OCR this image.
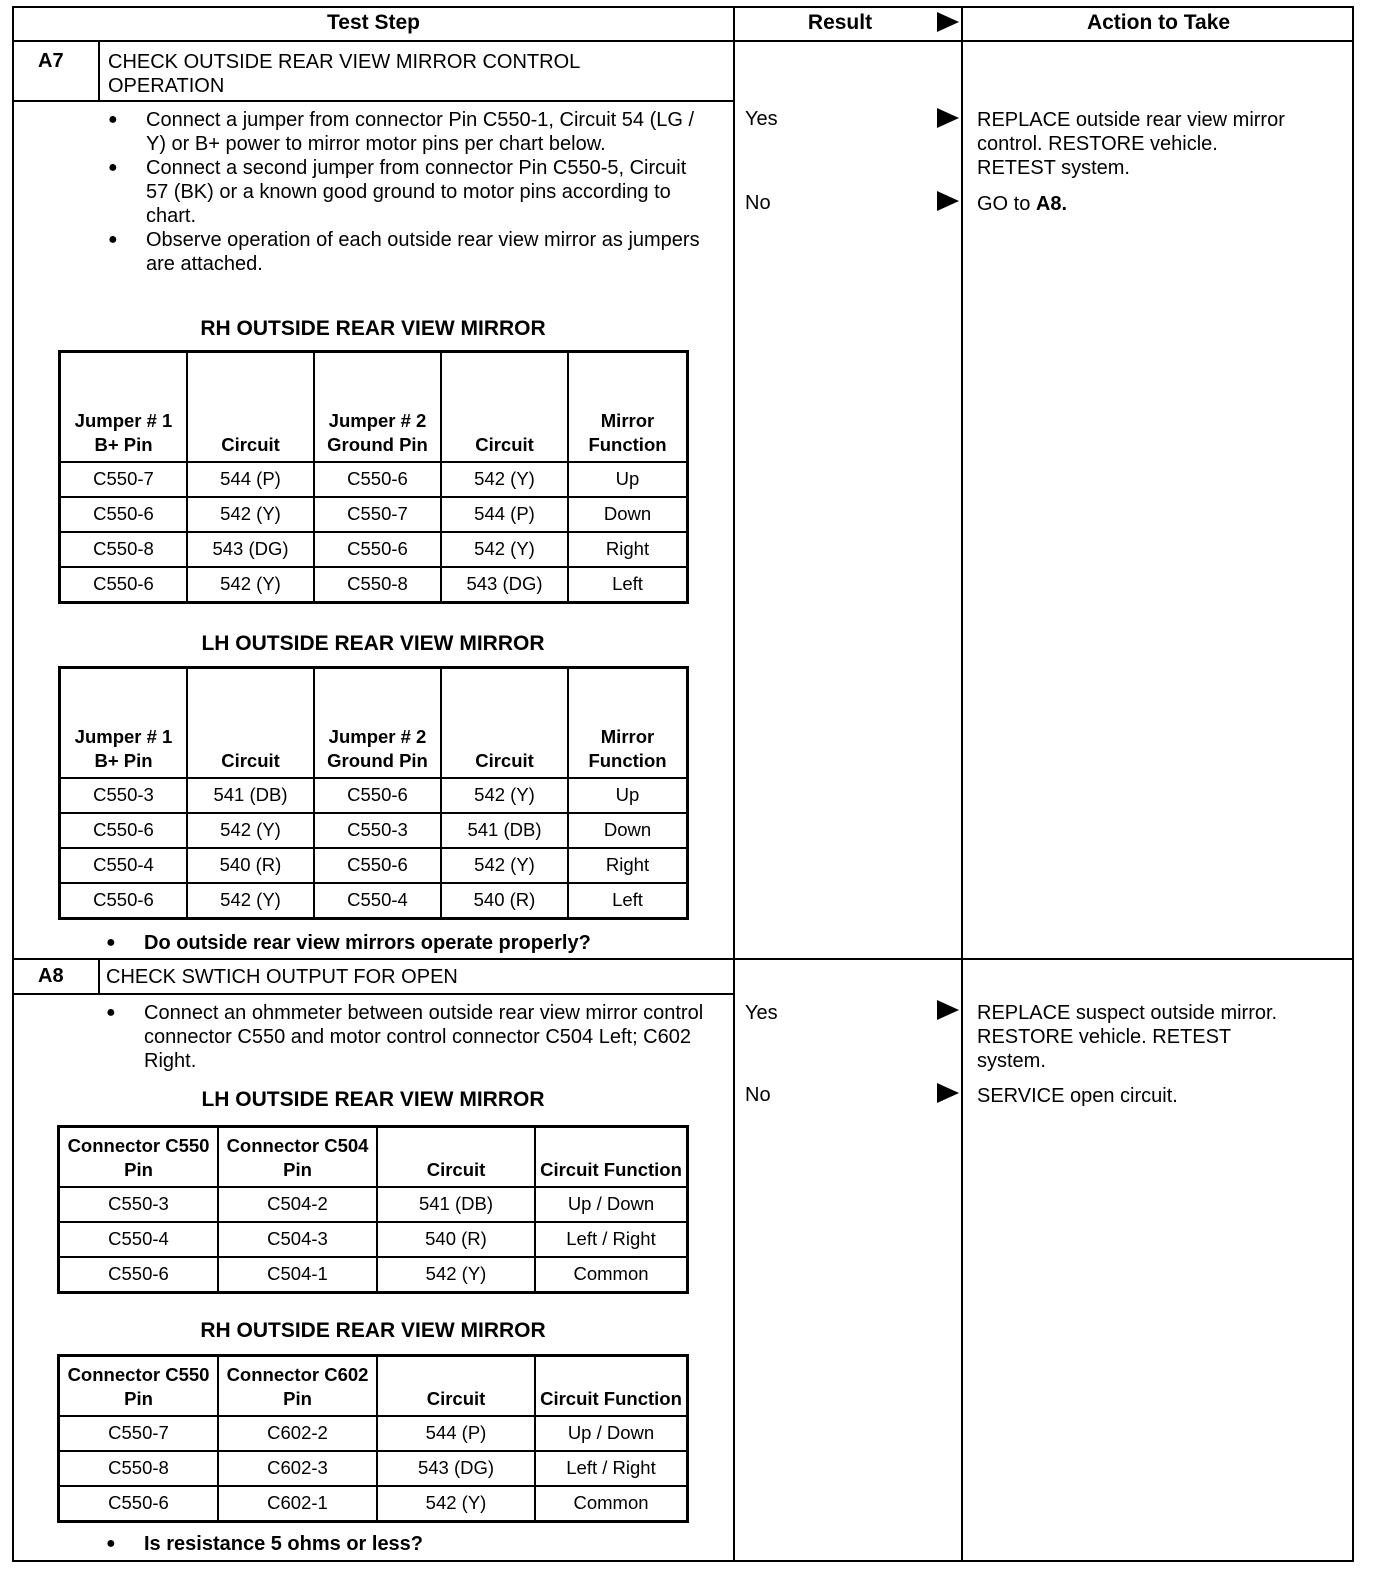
Test Step	Result	Action to Take
A7 CHECK OUTSIDE REAR VIEW MIRROR CONTROL OPERATION
● Connect a jumper from connector Pin C550-1, Circuit 54 (LG / Y) or B+ power to mirror motor pins per chart below.
● Connect a second jumper from connector Pin C550-5, Circuit 57 (BK) or a known good ground to motor pins according to chart.
● Observe operation of each outside rear view mirror as jumpers are attached.
RH OUTSIDE REAR VIEW MIRROR
Jumper # 1 B+ Pin	Circuit	Jumper # 2 Ground Pin	Circuit	Mirror Function
C550-7	544 (P)	C550-6	542 (Y)	Up
C550-6	542 (Y)	C550-7	544 (P)	Down
C550-8	543 (DG)	C550-6	542 (Y)	Right
C550-6	542 (Y)	C550-8	543 (DG)	Left
LH OUTSIDE REAR VIEW MIRROR
Jumper # 1 B+ Pin	Circuit	Jumper # 2 Ground Pin	Circuit	Mirror Function
C550-3	541 (DB)	C550-6	542 (Y)	Up
C550-6	542 (Y)	C550-3	541 (DB)	Down
C550-4	540 (R)	C550-6	542 (Y)	Right
C550-6	542 (Y)	C550-4	540 (R)	Left
● Do outside rear view mirrors operate properly?
Yes	REPLACE outside rear view mirror
control. RESTORE vehicle.
RETEST system.
No	GO to A8.
A8 CHECK SWTICH OUTPUT FOR OPEN
● Connect an ohmmeter between outside rear view mirror control connector C550 and motor control connector C504 Left; C602 Right.
LH OUTSIDE REAR VIEW MIRROR
Connector C550 Pin	Connector C504 Pin	Circuit	Circuit Function
C550-3	C504-2	541 (DB)	Up / Down
C550-4	C504-3	540 (R)	Left / Right
C550-6	C504-1	542 (Y)	Common
RH OUTSIDE REAR VIEW MIRROR
Connector C550 Pin	Connector C602 Pin	Circuit	Circuit Function
C550-7	C602-2	544 (P)	Up / Down
C550-8	C602-3	543 (DG)	Left / Right
C550-6	C602-1	542 (Y)	Common
● Is resistance 5 ohms or less?
Yes	REPLACE suspect outside mirror.
RESTORE vehicle. RETEST
system.
No	SERVICE open circuit.
